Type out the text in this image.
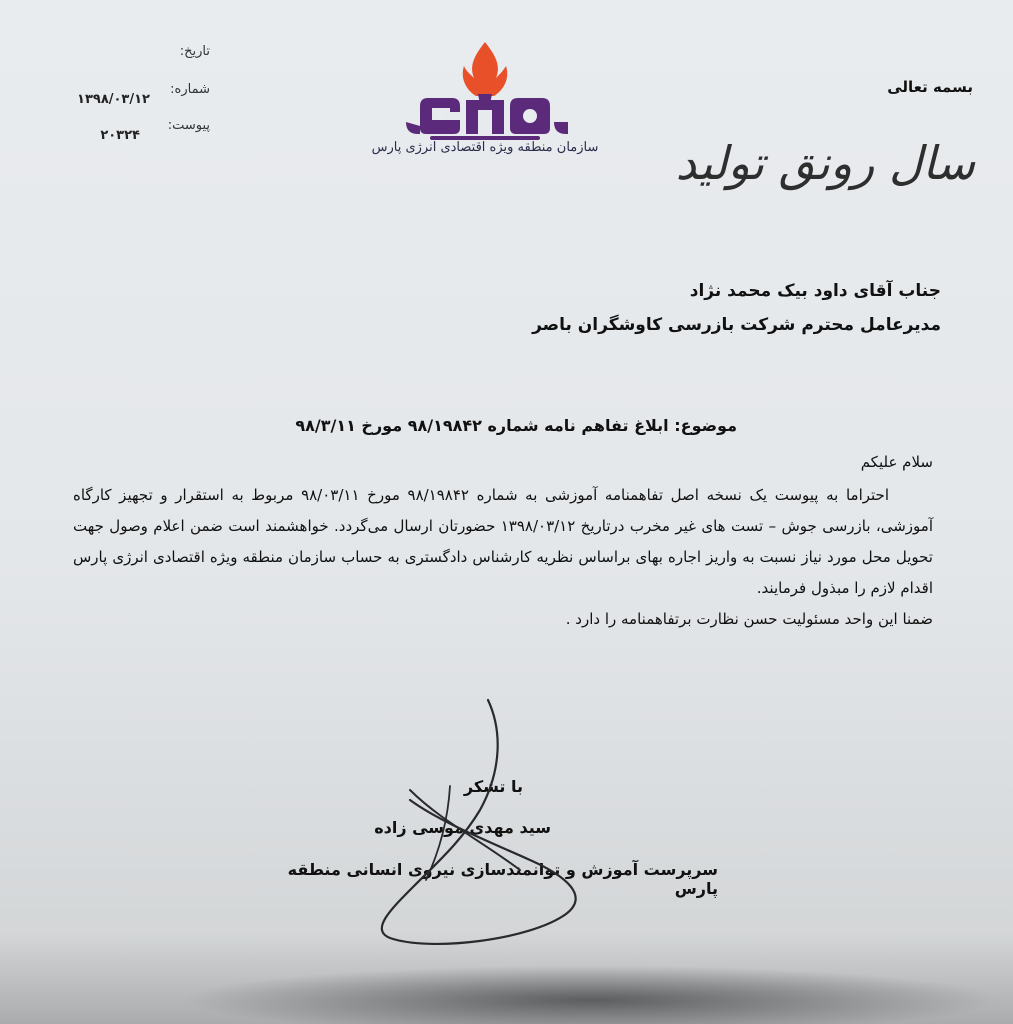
تاریخ:
شماره:
۱۳۹۸/۰۳/۱۲
پیوست:
۲۰۳۲۴
سازمان منطقه ویژه اقتصادی انرژی پارس
بسمه تعالی
سال رونق تولید
جناب آقای داود بیک محمد نژاد
مدیرعامل محترم شرکت بازرسی کاوشگران باصر
موضوع: ابلاغ تفاهم نامه شماره ۹۸/۱۹۸۴۲ مورخ ۹۸/۳/۱۱
سلام علیکم
احتراما به پیوست یک نسخه اصل تفاهمنامه آموزشی به شماره ۹۸/۱۹۸۴۲ مورخ ۹۸/۰۳/۱۱ مربوط به استقرار و تجهیز کارگاه آموزشی، بازرسی جوش – تست های غیر مخرب درتاریخ ۱۳۹۸/۰۳/۱۲ حضورتان ارسال می‌گردد. خواهشمند است ضمن اعلام وصول جهت تحویل محل مورد نیاز نسبت به واریز اجاره بهای براساس نظریه کارشناس دادگستری به حساب سازمان منطقه ویژه اقتصادی انرژی پارس اقدام لازم را مبذول فرمایند.
ضمنا این واحد مسئولیت حسن نظارت برتفاهمنامه را دارد .
با تشکر
سید مهدی موسی زاده
سرپرست آموزش و توانمندسازی نیروی انسانی منطقه پارس
